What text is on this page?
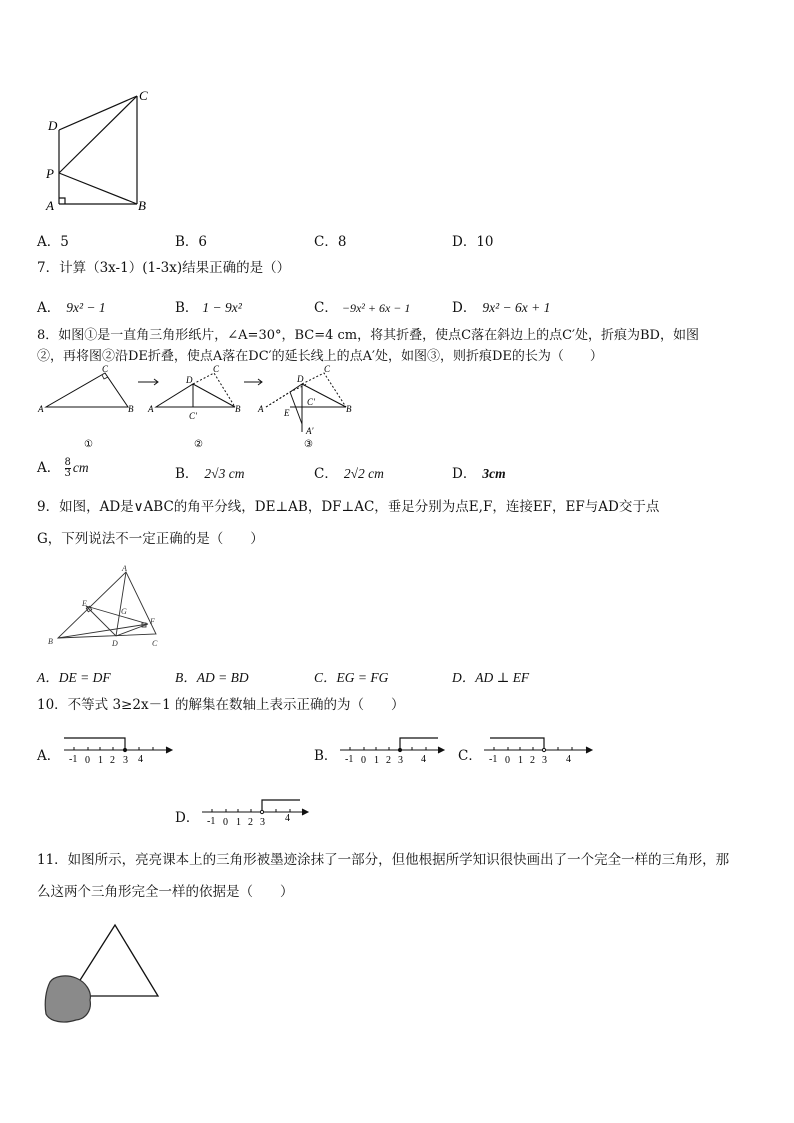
C
D
P
A	B
A．5	B．6	C．8	D．10
7．计算（3x-1）(1-3x)结果正确的是（）
A． 9x² − 1	B． 1 − 9x²	C． −9x² + 6x − 1	D． 9x² − 6x + 1
8．如图①是一直角三角形纸片，∠A=30°，BC=4 cm，将其折叠，使点C落在斜边上的点C′处，折痕为BD，如图
②，再将图②沿DE折叠，使点A落在DC′的延长线上的点A′处，如图③，则折痕DE的长为（　　）
A	B
C
A	B
D
C
C′
A	B
D
C
E
C′
A′
①	②	③
A． $\frac{8}{3}$ cm	B． 2√3 cm	C． 2√2 cm	D． 3cm
9．如图，AD是∨ABC的角平分线，DE⊥AB，DF⊥AC，垂足分别为点E,F，连接EF，EF与AD交于点
G，下列说法不一定正确的是（　　）
A
B	C
D
E
F
G
A．DE = DF	B．AD = BD	C．EG = FG	D．AD ⊥ EF
10．不等式 3≥2x－1 的解集在数轴上表示正确的为（　　）
A． -1 0 1 2 3 4	B． -1 0 1 2 3 4 C． -1 0 1 2 3 4
D． -1 0 1 2 3 4
11．如图所示，亮亮课本上的三角形被墨迹涂抹了一部分，但他根据所学知识很快画出了一个完全一样的三角形，那
么这两个三角形完全一样的依据是（　　）
